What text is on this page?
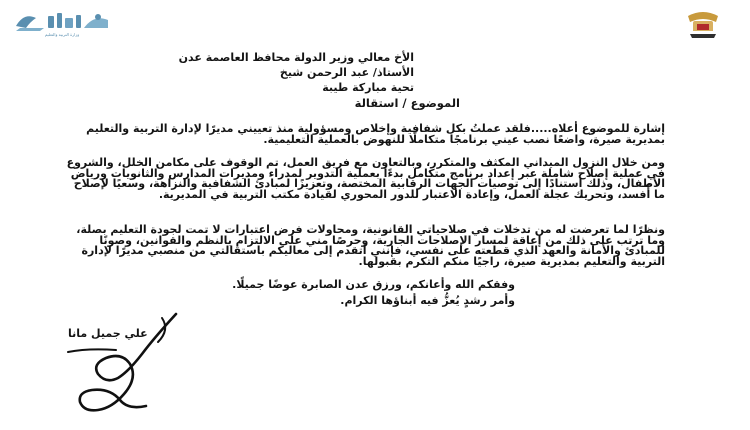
وزارة التربية والتعليم
الأخ معالي وزير الدولة محافظ العاصمة عدن
الأستاذ/ عبد الرحمن شيخ
تحية مباركة طيبة
الموضوع / استقالة
إشارة للموضوع أعلاه.....فلقد عملتُ بكل شفافية وإخلاص ومسؤولية منذ تعييني مديرًا لإدارة التربية والتعليم بمديرية صيرة، واضعًا نصب عيني برنامجًا متكاملًا للنهوض بالعملية التعليمية.
ومن خلال النزول الميداني المكثف والمتكرر، وبالتعاون مع فريق العمل، تم الوقوف على مكامن الخلل، والشروع في عملية إصلاح شاملة عبر إعداد برنامج متكامل بدءًا بعملية التدوير لمدراء ومديرات المدارس والثانويات ورياض الأطفال، وذلك استنادًا إلى توصيات الجهات الرقابية المختصة، وتعزيزًا لمبادئ الشفافية والنزاهة، وسعيًا لإصلاح ما أُفسد، وتحريك عجلة العمل، وإعادة الاعتبار للدور المحوري لقيادة مكتب التربية في المديرية.
ونظرًا لما تعرضت له من تدخلات في صلاحياتي القانونية، ومحاولات فرض اعتبارات لا تمت لجودة التعليم بصلة، وما ترتب على ذلك من إعاقة لمسار الإصلاحات الجارية، وحرصًا مني على الالتزام بالنظم والقوانين، وصونًا للمبادئ والأمانة والعهد الذي قطعته على نفسي، فإنني أتقدم إلى معاليكم باستقالتي من منصبي مديرًا لإدارة التربية والتعليم بمديرية صيرة، راجيًا منكم التكرم بقبولها.
وفقكم الله وأعانكم، ورزق عدن الصابرة عوضًا جميلًا.
وأمر رشدٍ يُعزُّ فيه أبناؤها الكرام.
علي جميل مانا
